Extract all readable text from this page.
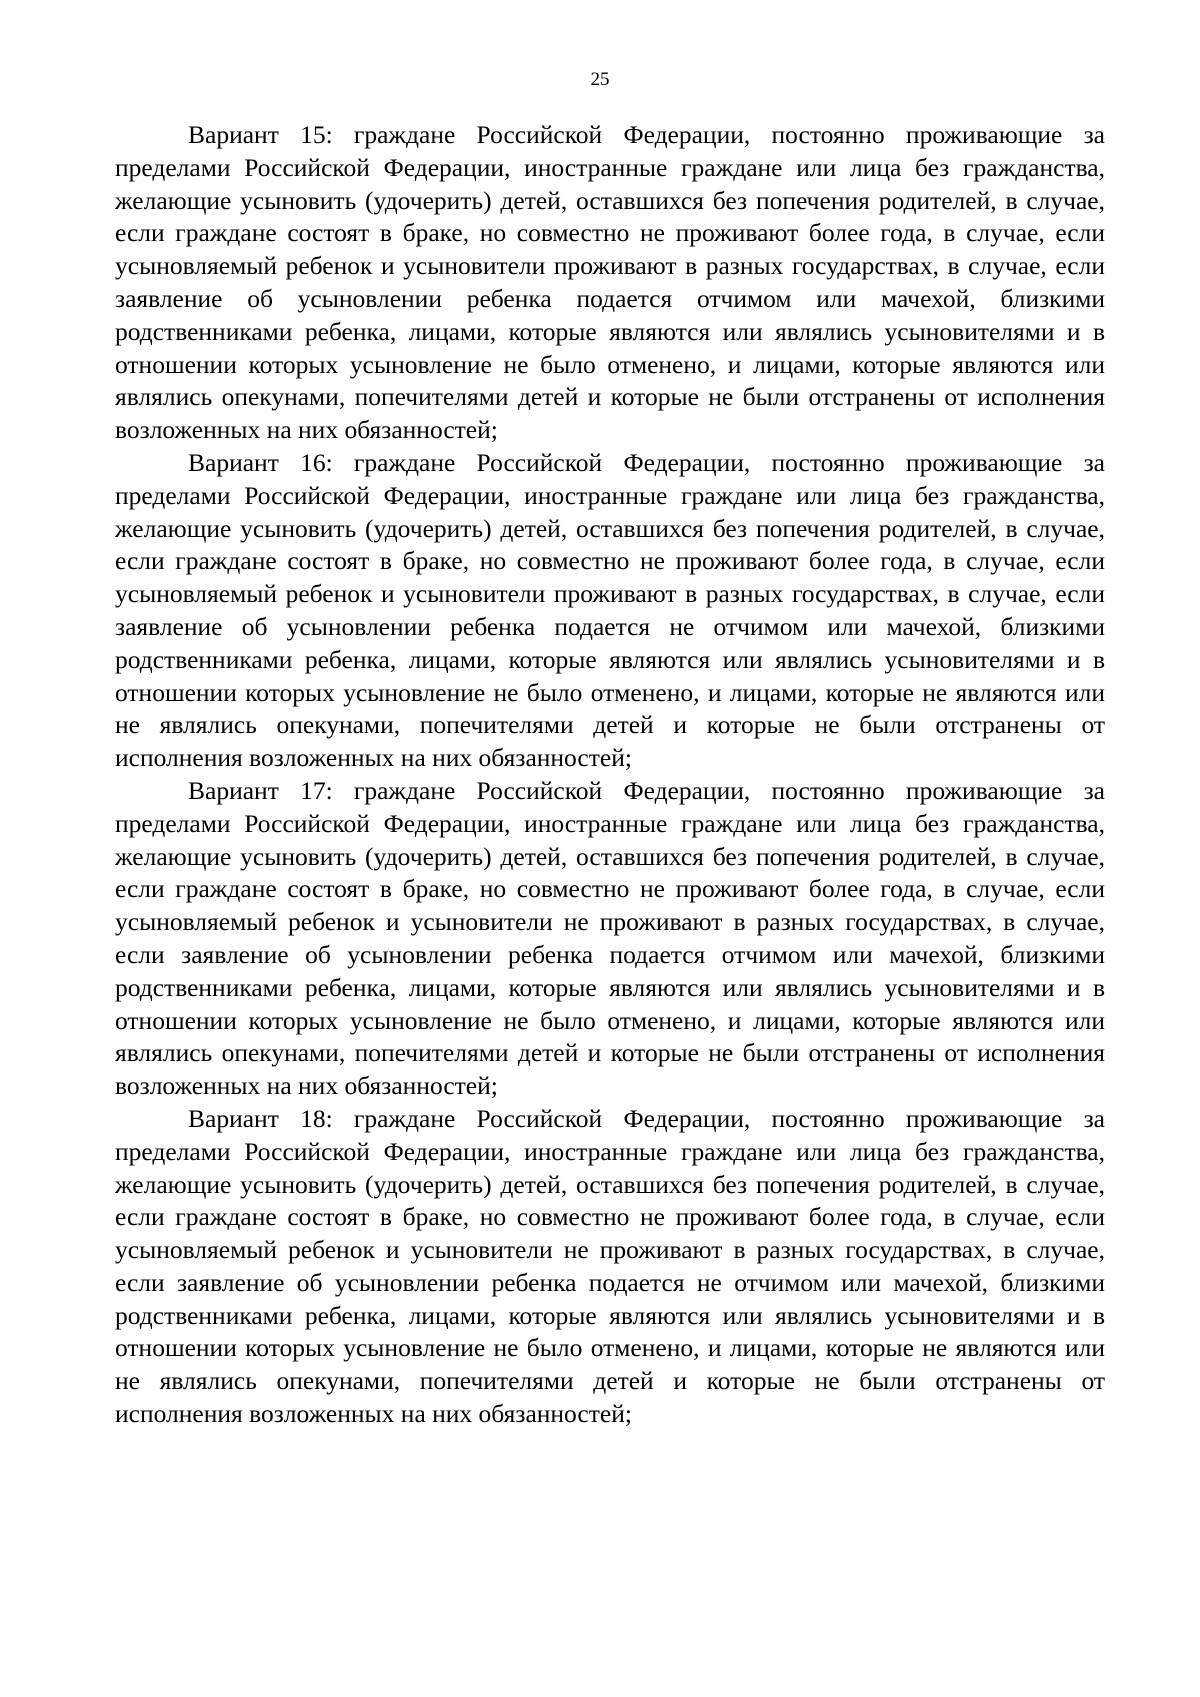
25

Вариант 15: граждане Российской Федерации, постоянно проживающие за пределами Российской Федерации, иностранные граждане или лица без гражданства, желающие усыновить (удочерить) детей, оставшихся без попечения родителей, в случае, если граждане состоят в браке, но совместно не проживают более года, в случае, если усыновляемый ребенок и усыновители проживают в разных государствах, в случае, если заявление об усыновлении ребенка подается отчимом или мачехой, близкими родственниками ребенка, лицами, которые являются или являлись усыновителями и в отношении которых усыновление не было отменено, и лицами, которые являются или являлись опекунами, попечителями детей и которые не были отстранены от исполнения возложенных на них обязанностей;

Вариант 16: граждане Российской Федерации, постоянно проживающие за пределами Российской Федерации, иностранные граждане или лица без гражданства, желающие усыновить (удочерить) детей, оставшихся без попечения родителей, в случае, если граждане состоят в браке, но совместно не проживают более года, в случае, если усыновляемый ребенок и усыновители проживают в разных государствах, в случае, если заявление об усыновлении ребенка подается не отчимом или мачехой, близкими родственниками ребенка, лицами, которые являются или являлись усыновителями и в отношении которых усыновление не было отменено, и лицами, которые не являются или не являлись опекунами, попечителями детей и которые не были отстранены от исполнения возложенных на них обязанностей;

Вариант 17: граждане Российской Федерации, постоянно проживающие за пределами Российской Федерации, иностранные граждане или лица без гражданства, желающие усыновить (удочерить) детей, оставшихся без попечения родителей, в случае, если граждане состоят в браке, но совместно не проживают более года, в случае, если усыновляемый ребенок и усыновители не проживают в разных государствах, в случае, если заявление об усыновлении ребенка подается отчимом или мачехой, близкими родственниками ребенка, лицами, которые являются или являлись усыновителями и в отношении которых усыновление не было отменено, и лицами, которые являются или являлись опекунами, попечителями детей и которые не были отстранены от исполнения возложенных на них обязанностей;

Вариант 18: граждане Российской Федерации, постоянно проживающие за пределами Российской Федерации, иностранные граждане или лица без гражданства, желающие усыновить (удочерить) детей, оставшихся без попечения родителей, в случае, если граждане состоят в браке, но совместно не проживают более года, в случае, если усыновляемый ребенок и усыновители не проживают в разных государствах, в случае, если заявление об усыновлении ребенка подается не отчимом или мачехой, близкими родственниками ребенка, лицами, которые являются или являлись усыновителями и в отношении которых усыновление не было отменено, и лицами, которые не являются или не являлись опекунами, попечителями детей и которые не были отстранены от исполнения возложенных на них обязанностей;
